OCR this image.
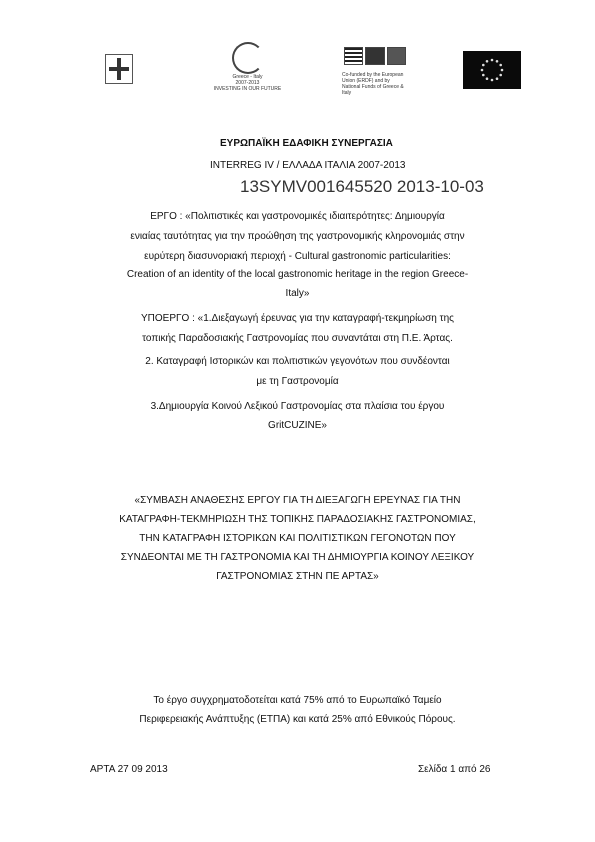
Greece - Italy
2007-2013
INVESTING IN OUR FUTURE
Co-funded by the European Union (ERDF) and by National Funds of Greece & Italy
ΕΥΡΩΠΑΪΚΗ ΕΔΑΦΙΚΗ ΣΥΝΕΡΓΑΣΙΑ
INTERREG IV / ΕΛΛΑΔΑ ΙΤΑΛΙΑ 2007-2013
13SYMV001645520 2013-10-03
ΕΡΓΟ : «Πολιτιστικές και γαστρονομικές ιδιαιτερότητες: Δημιουργία
ενιαίας ταυτότητας για την προώθηση της γαστρονομικής κληρονομιάς στην
ευρύτερη διασυνοριακή περιοχή - Cultural gastronomic particularities:
Creation of an identity of the local gastronomic heritage in the region Greece-
Italy»
ΥΠΟΕΡΓΟ : «1.Διεξαγωγή έρευνας για την καταγραφή-τεκμηρίωση της
τοπικής Παραδοσιακής Γαστρονομίας που συναντάται στη Π.Ε. Άρτας.
2. Καταγραφή Ιστορικών και πολιτιστικών γεγονότων που συνδέονται
με τη Γαστρονομία
3.Δημιουργία Κοινού Λεξικού Γαστρονομίας στα πλαίσια του έργου
GritCUZINE»
«ΣΥΜΒΑΣΗ ΑΝΑΘΕΣΗΣ ΕΡΓΟΥ ΓΙΑ ΤΗ ΔΙΕΞΑΓΩΓΗ ΕΡΕΥΝΑΣ ΓΙΑ ΤΗΝ
ΚΑΤΑΓΡΑΦΗ-ΤΕΚΜΗΡΙΩΣΗ ΤΗΣ ΤΟΠΙΚΗΣ ΠΑΡΑΔΟΣΙΑΚΗΣ ΓΑΣΤΡΟΝΟΜΙΑΣ,
ΤΗΝ ΚΑΤΑΓΡΑΦΗ ΙΣΤΟΡΙΚΩΝ ΚΑΙ ΠΟΛΙΤΙΣΤΙΚΩΝ ΓΕΓΟΝΟΤΩΝ ΠΟΥ
ΣΥΝΔΕΟΝΤΑΙ ΜΕ ΤΗ ΓΑΣΤΡΟΝΟΜΙΑ ΚΑΙ ΤΗ ΔΗΜΙΟΥΡΓΙΑ ΚΟΙΝΟΥ ΛΕΞΙΚΟΥ
ΓΑΣΤΡΟΝΟΜΙΑΣ ΣΤΗΝ ΠΕ ΑΡΤΑΣ»
Το έργο συγχρηματοδοτείται κατά 75% από το Ευρωπαϊκό Ταμείο
Περιφερειακής Ανάπτυξης (ΕΤΠΑ) και κατά 25% από Εθνικούς Πόρους.
ΑΡΤΑ 27 09 2013	Σελίδα 1 από 26
